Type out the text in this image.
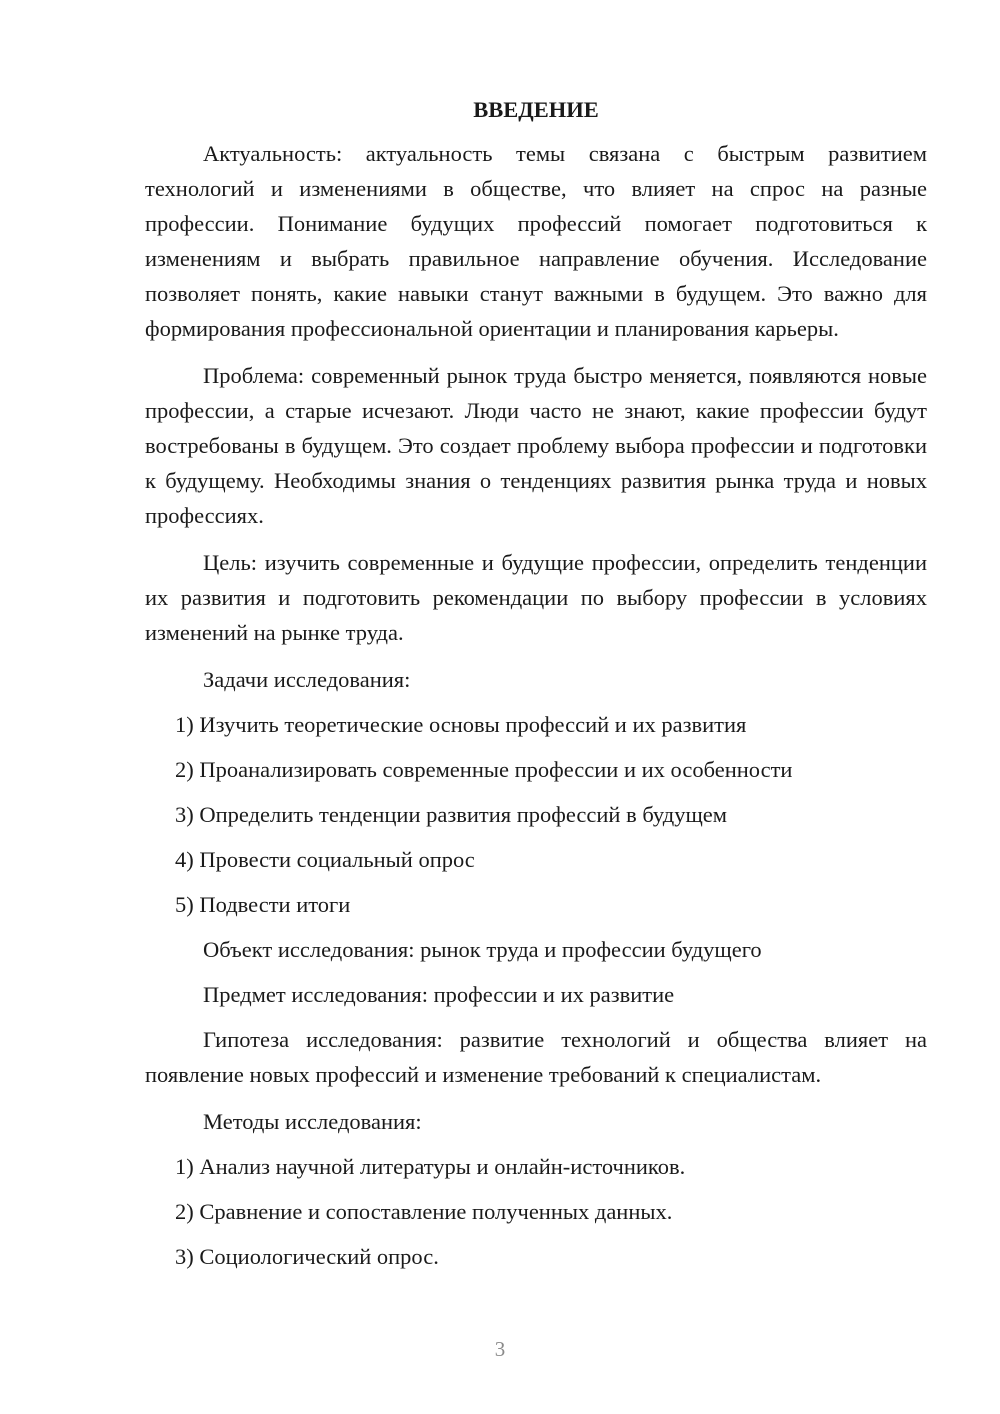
ВВЕДЕНИЕ

Актуальность: актуальность темы связана с быстрым развитием технологий и изменениями в обществе, что влияет на спрос на разные профессии. Понимание будущих профессий помогает подготовиться к изменениям и выбрать правильное направление обучения. Исследование позволяет понять, какие навыки станут важными в будущем. Это важно для формирования профессиональной ориентации и планирования карьеры.

Проблема: современный рынок труда быстро меняется, появляются новые профессии, а старые исчезают. Люди часто не знают, какие профессии будут востребованы в будущем. Это создает проблему выбора профессии и подготовки к будущему. Необходимы знания о тенденциях развития рынка труда и новых профессиях.

Цель: изучить современные и будущие профессии, определить тенденции их развития и подготовить рекомендации по выбору профессии в условиях изменений на рынке труда.

Задачи исследования:
1) Изучить теоретические основы профессий и их развития
2) Проанализировать современные профессии и их особенности
3) Определить тенденции развития профессий в будущем
4) Провести социальный опрос
5) Подвести итоги
Объект исследования: рынок труда и профессии будущего
Предмет исследования: профессии и их развитие

Гипотеза исследования: развитие технологий и общества влияет на появление новых профессий и изменение требований к специалистам.

Методы исследования:
1) Анализ научной литературы и онлайн-источников.
2) Сравнение и сопоставление полученных данных.
3) Социологический опрос.
3
